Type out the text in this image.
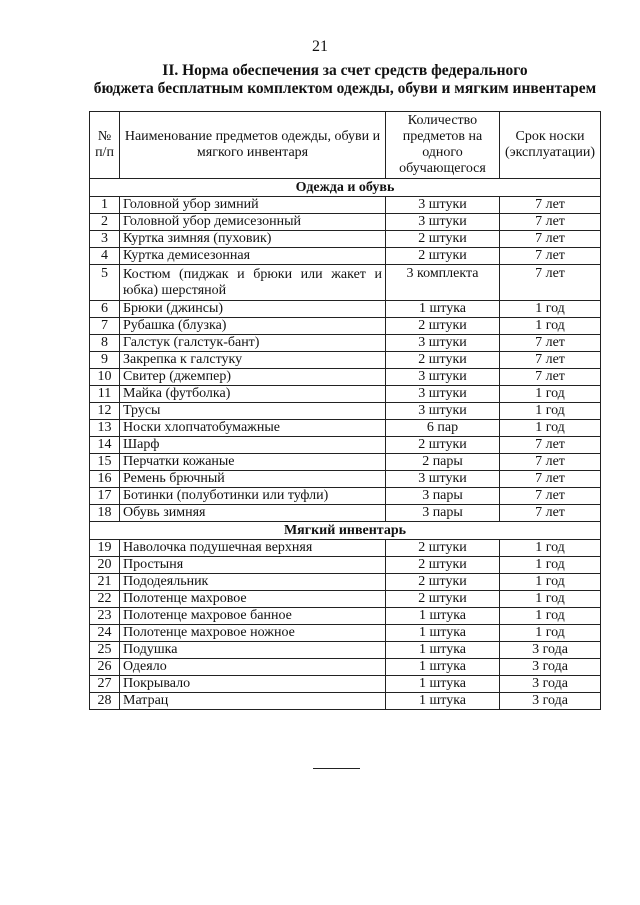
21
II. Норма обеспечения за счет средств федерального
бюджета бесплатным комплектом одежды, обуви и мягким инвентарем
№ п/п	Наименование предметов одежды, обуви и мягкого инвентаря	Количество предметов на одного обучающегося	Срок носки (эксплуатации)
Одежда и обувь			
1	Головной убор зимний	3 штуки	7 лет
2	Головной убор демисезонный	3 штуки	7 лет
3	Куртка зимняя (пуховик)	2 штуки	7 лет
4	Куртка демисезонная	2 штуки	7 лет
5	Костюм (пиджак и брюки или жакет и юбка) шерстяной	3 комплекта	7 лет
6	Брюки (джинсы)	1 штука	1 год
7	Рубашка (блузка)	2 штуки	1 год
8	Галстук (галстук-бант)	3 штуки	7 лет
9	Закрепка к галстуку	2 штуки	7 лет
10	Свитер (джемпер)	3 штуки	7 лет
11	Майка (футболка)	3 штуки	1 год
12	Трусы	3 штуки	1 год
13	Носки хлопчатобумажные	6 пар	1 год
14	Шарф	2 штуки	7 лет
15	Перчатки кожаные	2 пары	7 лет
16	Ремень брючный	3 штуки	7 лет
17	Ботинки (полуботинки или туфли)	3 пары	7 лет
18	Обувь зимняя	3 пары	7 лет
Мягкий инвентарь			
19	Наволочка подушечная верхняя	2 штуки	1 год
20	Простыня	2 штуки	1 год
21	Пододеяльник	2 штуки	1 год
22	Полотенце махровое	2 штуки	1 год
23	Полотенце махровое банное	1 штука	1 год
24	Полотенце махровое ножное	1 штука	1 год
25	Подушка	1 штука	3 года
26	Одеяло	1 штука	3 года
27	Покрывало	1 штука	3 года
28	Матрац	1 штука	3 года
